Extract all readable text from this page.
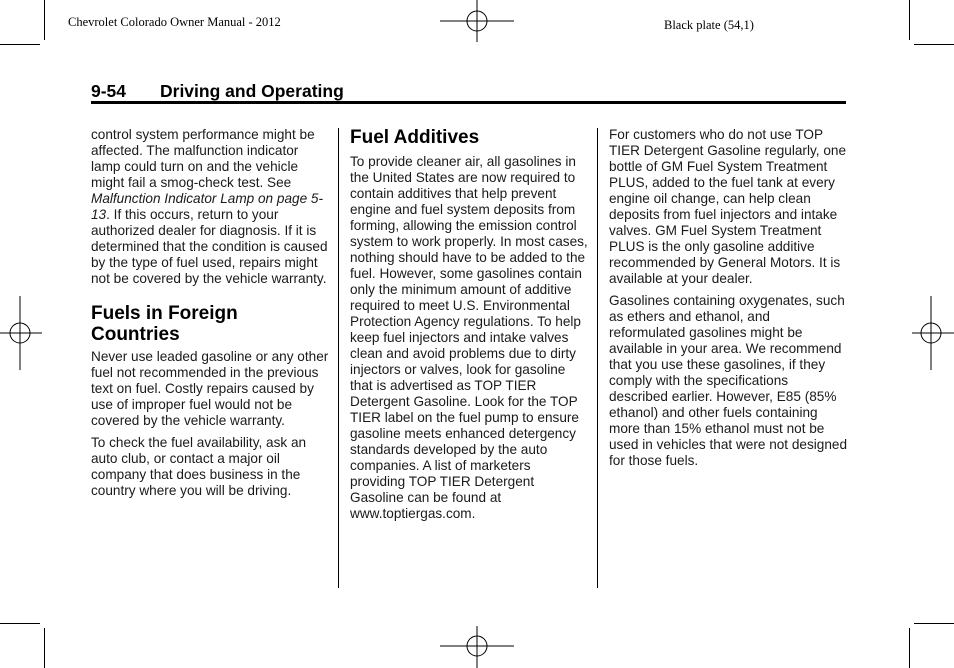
Chevrolet Colorado Owner Manual - 2012	Black plate (54,1)
9-54 Driving and Operating

control system performance might be affected. The malfunction indicator lamp could turn on and the vehicle might fail a smog-check test. See Malfunction Indicator Lamp on page 5-13. If this occurs, return to your authorized dealer for diagnosis. If it is determined that the condition is caused by the type of fuel used, repairs might not be covered by the vehicle warranty.

Fuels in Foreign Countries

Never use leaded gasoline or any other fuel not recommended in the previous text on fuel. Costly repairs caused by use of improper fuel would not be covered by the vehicle warranty.

To check the fuel availability, ask an auto club, or contact a major oil company that does business in the country where you will be driving.

Fuel Additives

To provide cleaner air, all gasolines in the United States are now required to contain additives that help prevent engine and fuel system deposits from forming, allowing the emission control system to work properly. In most cases, nothing should have to be added to the fuel. However, some gasolines contain only the minimum amount of additive required to meet U.S. Environmental Protection Agency regulations. To help keep fuel injectors and intake valves clean and avoid problems due to dirty injectors or valves, look for gasoline that is advertised as TOP TIER Detergent Gasoline. Look for the TOP TIER label on the fuel pump to ensure gasoline meets enhanced detergency standards developed by the auto companies. A list of marketers providing TOP TIER Detergent Gasoline can be found at www.toptiergas.com.

For customers who do not use TOP TIER Detergent Gasoline regularly, one bottle of GM Fuel System Treatment PLUS, added to the fuel tank at every engine oil change, can help clean deposits from fuel injectors and intake valves. GM Fuel System Treatment PLUS is the only gasoline additive recommended by General Motors. It is available at your dealer.

Gasolines containing oxygenates, such as ethers and ethanol, and reformulated gasolines might be available in your area. We recommend that you use these gasolines, if they comply with the specifications described earlier. However, E85 (85% ethanol) and other fuels containing more than 15% ethanol must not be used in vehicles that were not designed for those fuels.
